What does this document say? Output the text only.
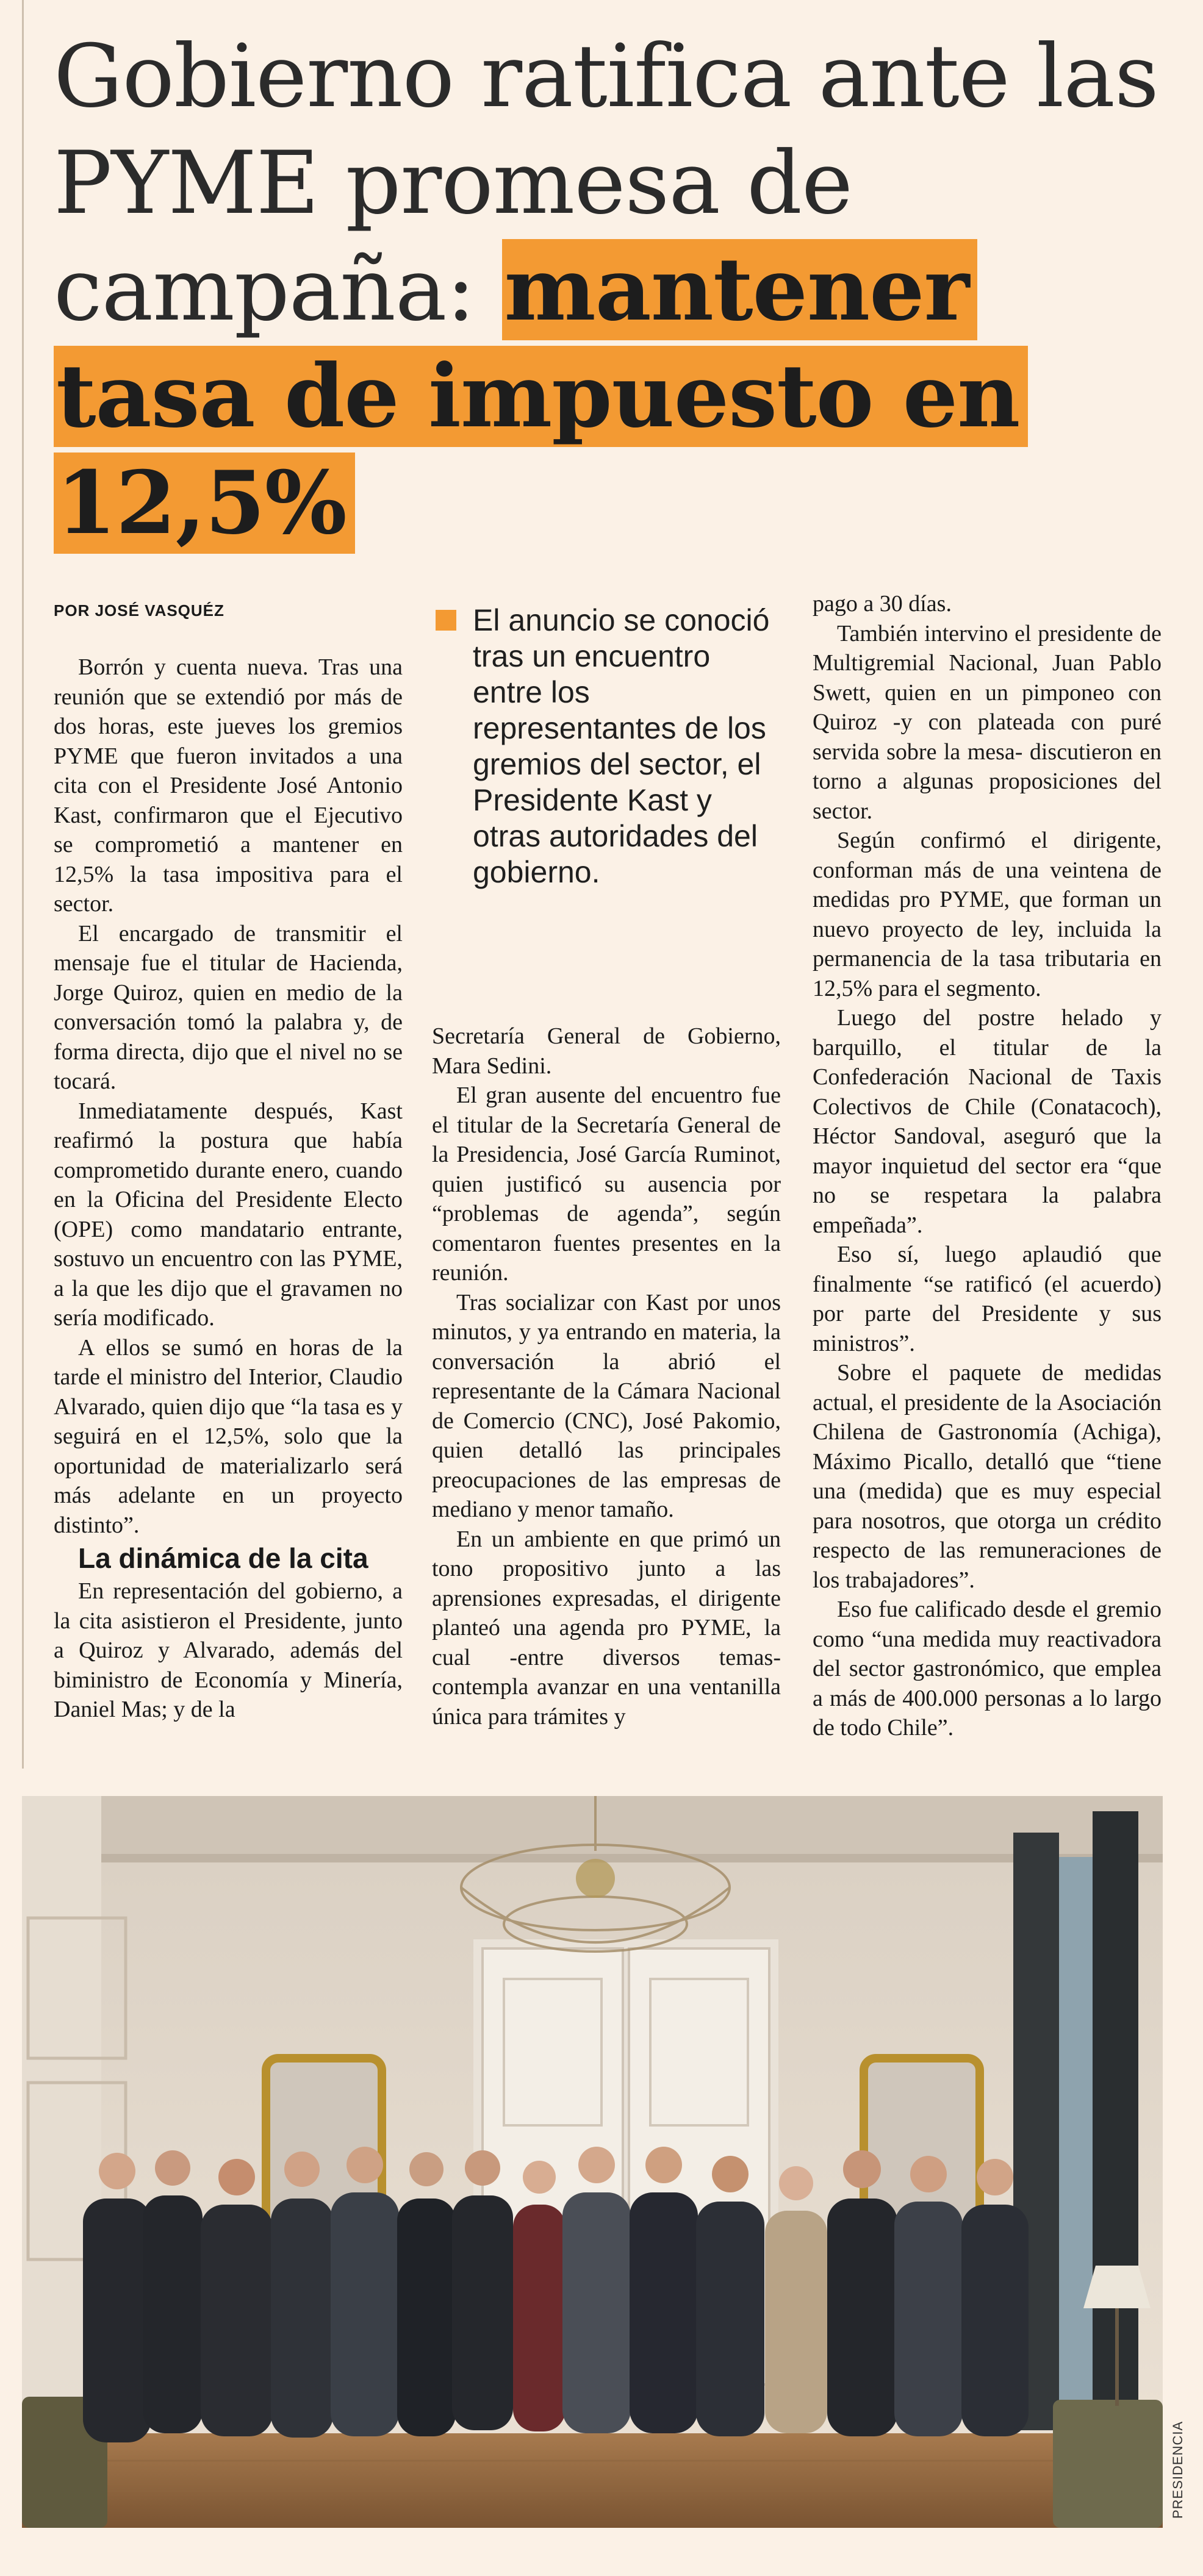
Gobierno ratifica ante las PYME promesa de campaña: mantener tasa de impuesto en 12,5%
POR JOSÉ VASQUÉZ

Borrón y cuenta nueva. Tras una reunión que se extendió por más de dos horas, este jueves los gremios PYME que fueron invitados a una cita con el Presidente José Antonio Kast, confirmaron que el Ejecutivo se comprometió a mantener en 12,5% la tasa impositiva para el sector.

El encargado de transmitir el mensaje fue el titular de Hacienda, Jorge Quiroz, quien en medio de la conversación tomó la palabra y, de forma directa, dijo que el nivel no se tocará.

Inmediatamente después, Kast reafirmó la postura que había comprometido durante enero, cuando en la Oficina del Presidente Electo (OPE) como mandatario entrante, sostuvo un encuentro con las PYME, a la que les dijo que el gravamen no sería modificado.

A ellos se sumó en horas de la tarde el ministro del Interior, Claudio Alvarado, quien dijo que “la tasa es y seguirá en el 12,5%, solo que la oportunidad de materializarlo será más adelante en un proyecto distinto”.

La dinámica de la cita

En representación del gobierno, a la cita asistieron el Presidente, junto a Quiroz y Alvarado, además del biministro de Economía y Minería, Daniel Mas; y de la

El anuncio se conoció tras un encuentro entre los representantes de los gremios del sector, el Presidente Kast y otras autoridades del gobierno.

Secretaría General de Gobierno, Mara Sedini.

El gran ausente del encuentro fue el titular de la Secretaría General de la Presidencia, José García Ruminot, quien justificó su ausencia por “problemas de agenda”, según comentaron fuentes presentes en la reunión.

Tras socializar con Kast por unos minutos, y ya entrando en materia, la conversación la abrió el representante de la Cámara Nacional de Comercio (CNC), José Pakomio, quien detalló las principales preocupaciones de las empresas de mediano y menor tamaño.

En un ambiente en que primó un tono propositivo junto a las aprensiones expresadas, el dirigente planteó una agenda pro PYME, la cual -entre diversos temas- contempla avanzar en una ventanilla única para trámites y

pago a 30 días.

También intervino el presidente de Multigremial Nacional, Juan Pablo Swett, quien en un pimponeo con Quiroz -y con plateada con puré servida sobre la mesa- discutieron en torno a algunas proposiciones del sector.

Según confirmó el dirigente, conforman más de una veintena de medidas pro PYME, que forman un nuevo proyecto de ley, incluida la permanencia de la tasa tributaria en 12,5% para el segmento.

Luego del postre helado y barquillo, el titular de la Confederación Nacional de Taxis Colectivos de Chile (Conatacoch), Héctor Sandoval, aseguró que la mayor inquietud del sector era “que no se respetara la palabra empeñada”.

Eso sí, luego aplaudió que finalmente “se ratificó (el acuerdo) por parte del Presidente y sus ministros”.

Sobre el paquete de medidas actual, el presidente de la Asociación Chilena de Gastronomía (Achiga), Máximo Picallo, detalló que “tiene una (medida) que es muy especial para nosotros, que otorga un crédito respecto de las remuneraciones de los trabajadores”.

Eso fue calificado desde el gremio como “una medida muy reactivadora del sector gastronómico, que emplea a más de 400.000 personas a lo largo de todo Chile”.

PRESIDENCIA
